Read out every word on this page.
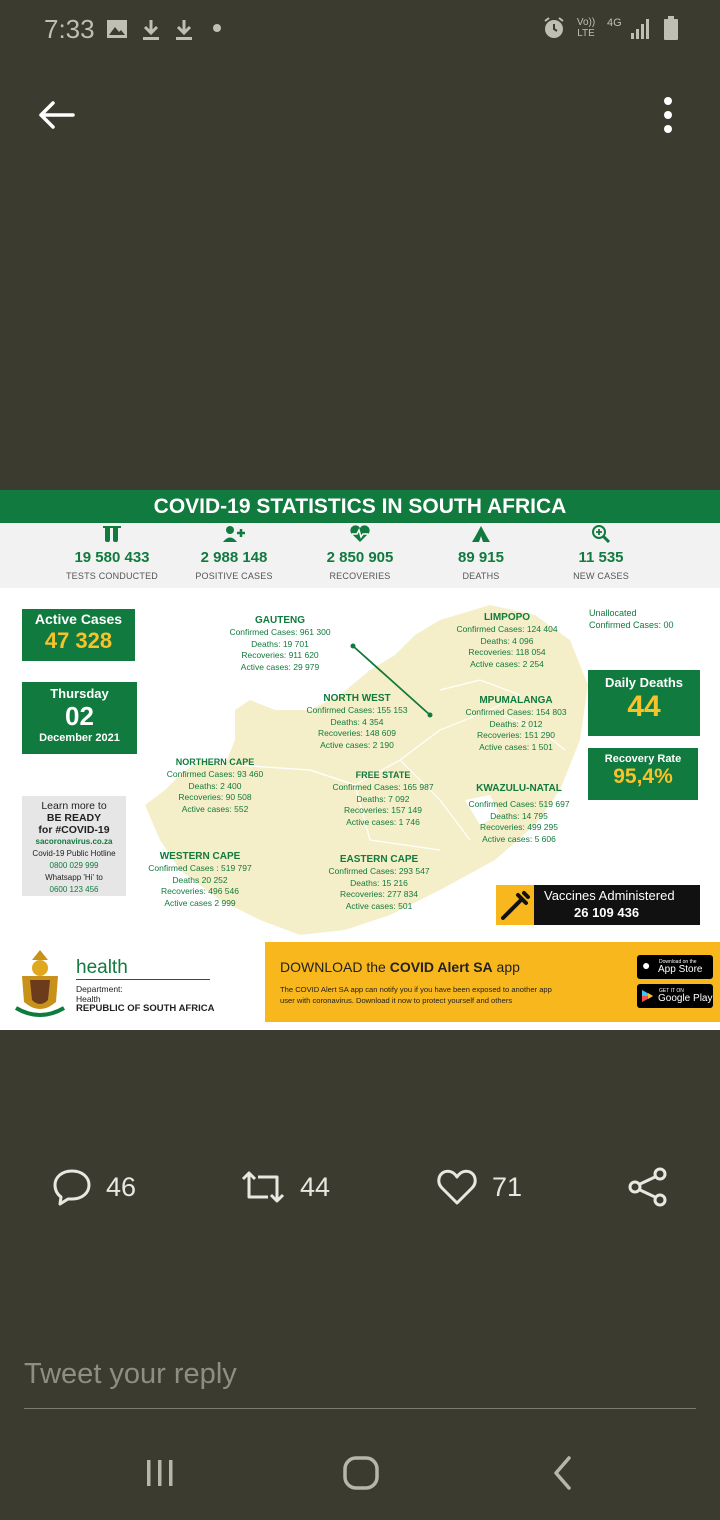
7:33	Vo)) LTE
4G
COVID-19 STATISTICS IN SOUTH AFRICA
19 580 433
TESTS CONDUCTED
2 988 148
POSITIVE CASES
2 850 905
RECOVERIES
89 915
DEATHS
11 535
NEW CASES
Active Cases
47 328
Thursday
02
December 2021
Daily Deaths
44
Recovery Rate
95,4%
Unallocated
Confirmed Cases: 00
GAUTENG
Confirmed Cases: 961 300
Deaths: 19 701
Recoveries: 911 620
Active cases: 29 979
LIMPOPO
Confirmed Cases: 124 404
Deaths: 4 096
Recoveries: 118 054
Active cases: 2 254
NORTH WEST
Confirmed Cases: 155 153
Deaths: 4 354
Recoveries: 148 609
Active cases: 2 190
MPUMALANGA
Confirmed Cases: 154 803
Deaths: 2 012
Recoveries: 151 290
Active cases: 1 501
NORTHERN CAPE
Confirmed Cases: 93 460
Deaths: 2 400
Recoveries: 90 508
Active cases: 552
FREE STATE
Confirmed Cases: 165 987
Deaths: 7 092
Recoveries: 157 149
Active cases: 1 746
KWAZULU-NATAL
Confirmed Cases: 519 697
Deaths: 14 795
Recoveries: 499 295
Active cases: 5 606
WESTERN CAPE
Confirmed Cases : 519 797
Deaths 20 252
Recoveries: 496 546
Active cases 2 999
EASTERN CAPE
Confirmed Cases: 293 547
Deaths: 15 216
Recoveries: 277 834
Active cases: 501
Learn more to
BE READY
for #COVID-19
sacoronavirus.co.za
Covid-19 Public Hotline
0800 029 999
Whatsapp 'Hi' to
0600 123 456	Vaccines Administered
26 109 436
health
Department:
Health
REPUBLIC OF SOUTH AFRICA
DOWNLOAD the COVID Alert SA app
The COVID Alert SA app can notify you if you have been exposed to another app
user with coronavirus. Download it now to protect yourself and others
● Download on the
App Store
GET IT ON
Google Play
46	44	71
Tweet your reply
